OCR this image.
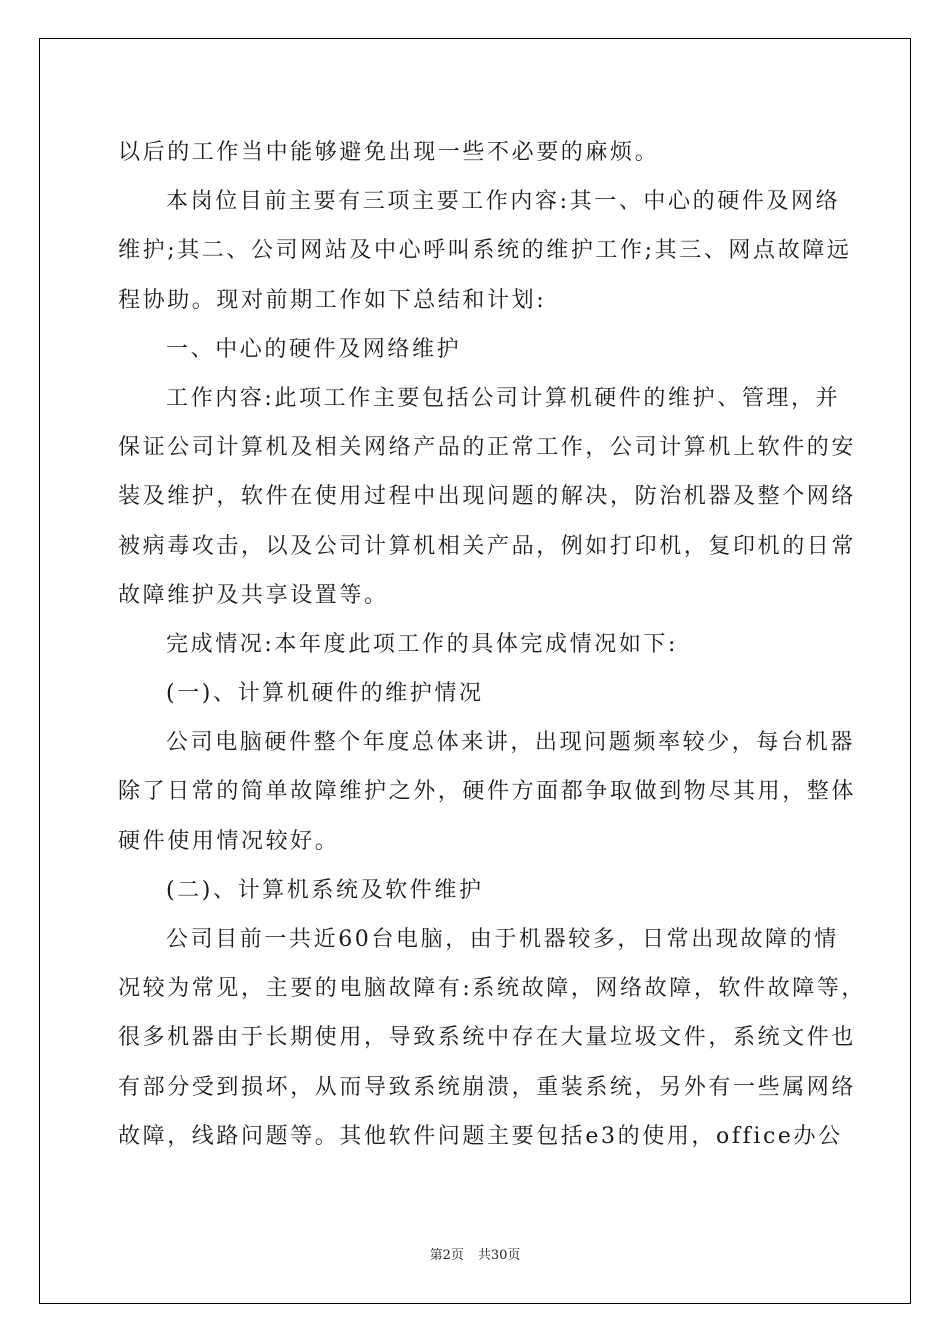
以后的工作当中能够避免出现一些不必要的麻烦。
本岗位目前主要有三项主要工作内容:其一、中心的硬件及网络
维护;其二、公司网站及中心呼叫系统的维护工作;其三、网点故障远
程协助。现对前期工作如下总结和计划:
一、中心的硬件及网络维护
工作内容:此项工作主要包括公司计算机硬件的维护、管理，并
保证公司计算机及相关网络产品的正常工作，公司计算机上软件的安
装及维护，软件在使用过程中出现问题的解决，防治机器及整个网络
被病毒攻击，以及公司计算机相关产品，例如打印机，复印机的日常
故障维护及共享设置等。
完成情况:本年度此项工作的具体完成情况如下:
(一)、计算机硬件的维护情况
公司电脑硬件整个年度总体来讲，出现问题频率较少，每台机器
除了日常的简单故障维护之外，硬件方面都争取做到物尽其用，整体
硬件使用情况较好。
(二)、计算机系统及软件维护
公司目前一共近60台电脑，由于机器较多，日常出现故障的情
况较为常见，主要的电脑故障有:系统故障，网络故障，软件故障等，
很多机器由于长期使用，导致系统中存在大量垃圾文件，系统文件也
有部分受到损坏，从而导致系统崩溃，重装系统，另外有一些属网络
故障，线路问题等。其他软件问题主要包括e3的使用，office办公
第2页 共30页
